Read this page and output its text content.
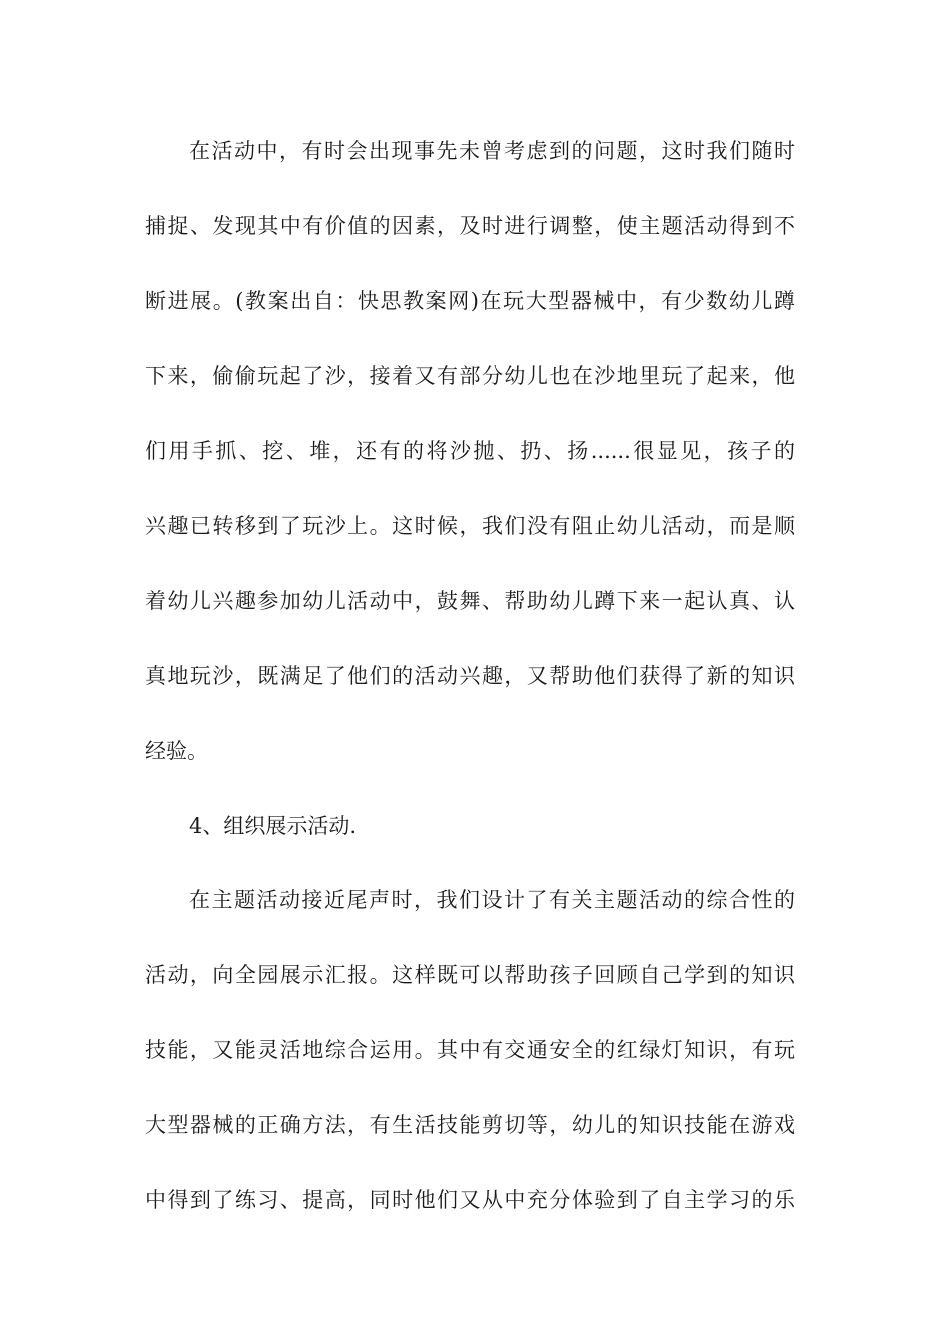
在活动中，有时会出现事先未曾考虑到的问题，这时我们随时
捕捉、发现其中有价值的因素，及时进行调整，使主题活动得到不
断进展。(教案出自：快思教案网)在玩大型器械中，有少数幼儿蹲
下来，偷偷玩起了沙，接着又有部分幼儿也在沙地里玩了起来，他
们用手抓、挖、堆，还有的将沙抛、扔、扬......很显见，孩子的
兴趣已转移到了玩沙上。这时候，我们没有阻止幼儿活动，而是顺
着幼儿兴趣参加幼儿活动中，鼓舞、帮助幼儿蹲下来一起认真、认
真地玩沙，既满足了他们的活动兴趣，又帮助他们获得了新的知识
经验。
4、组织展示活动.
在主题活动接近尾声时，我们设计了有关主题活动的综合性的
活动，向全园展示汇报。这样既可以帮助孩子回顾自己学到的知识
技能，又能灵活地综合运用。其中有交通安全的红绿灯知识，有玩
大型器械的正确方法，有生活技能剪切等，幼儿的知识技能在游戏
中得到了练习、提高，同时他们又从中充分体验到了自主学习的乐
